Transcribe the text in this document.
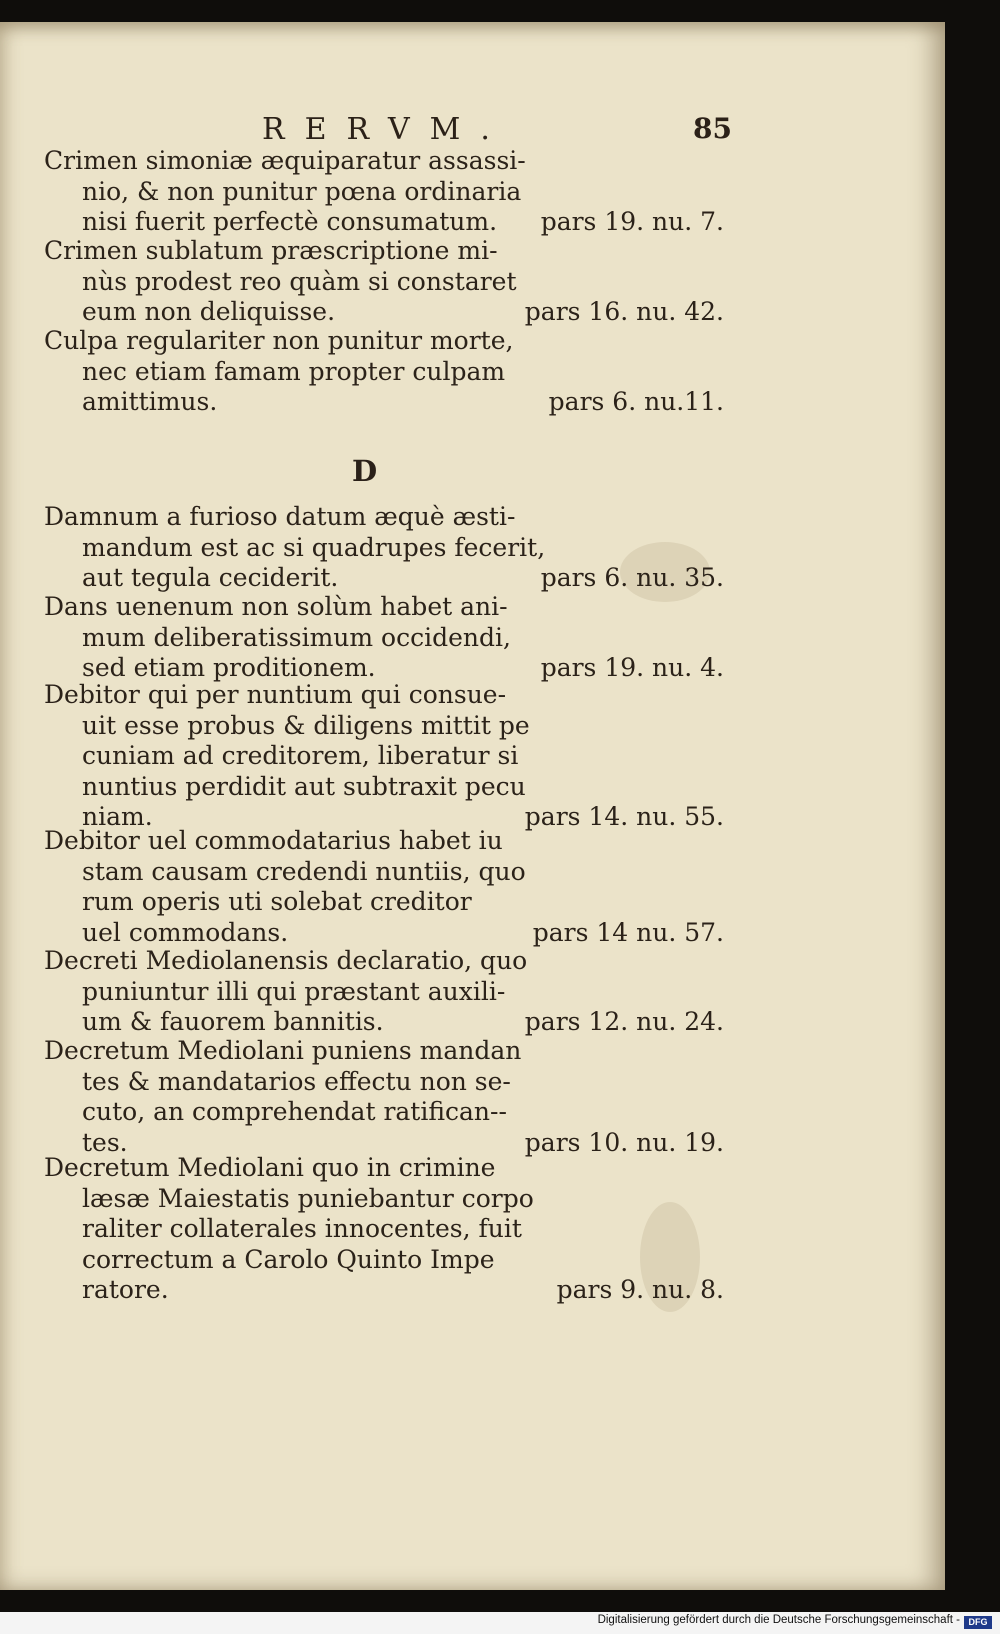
RERVM.	85
Crimen simoniæ æquiparatur assassi-
nio, & non punitur pœna ordinaria
nisi fuerit perfectè consumatum.	pars 19. nu. 7.
Crimen sublatum præscriptione mi-
nùs prodest reo quàm si constaret
eum non deliquisse.	pars 16. nu. 42.
Culpa regulariter non punitur morte,
nec etiam famam propter culpam
amittimus.	pars 6. nu.11.
D
Damnum a furioso datum æquè æsti-
mandum est ac si quadrupes fecerit,
aut tegula ceciderit.	pars 6. nu. 35.
Dans uenenum non solùm habet ani-
mum deliberatissimum occidendi,
sed etiam proditionem.	pars 19. nu. 4.
Debitor qui per nuntium qui consue-
uit esse probus & diligens mittit pe
cuniam ad creditorem, liberatur si
nuntius perdidit aut subtraxit pecu
niam.	pars 14. nu. 55.
Debitor uel commodatarius habet iu
stam causam credendi nuntiis, quo
rum operis uti solebat creditor
uel commodans.	pars 14 nu. 57.
Decreti Mediolanensis declaratio, quo
puniuntur illi qui præstant auxili-
um & fauorem bannitis.	pars 12. nu. 24.
Decretum Mediolani puniens mandan
tes & mandatarios effectu non se-
cuto, an comprehendat ratifican--
tes.	pars 10. nu. 19.
Decretum Mediolani quo in crimine
læsæ Maiestatis puniebantur corpo
raliter collaterales innocentes, fuit
correctum a Carolo Quinto Impe
ratore.	pars 9. nu. 8.
Digitalisierung gefördert durch die Deutsche Forschungsgemeinschaft - DFG
